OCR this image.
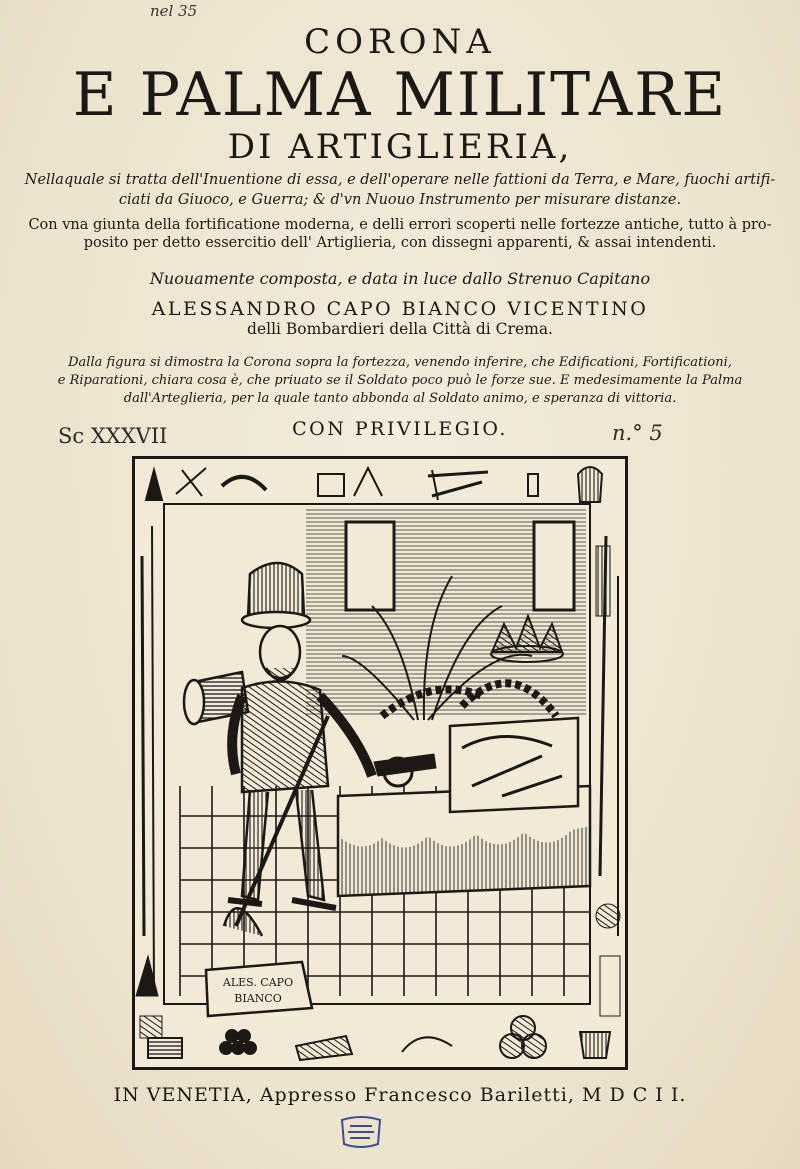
nel 35
CORONA
E PALMA MILITARE
DI ARTIGLIERIA,
Nellaquale si tratta dell'Inuentione di essa, e dell'operare nelle fattioni da Terra, e Mare, fuochi artifi-
ciati da Giuoco, e Guerra; & d'vn Nuouo Instrumento per misurare distanze.
Con vna giunta della fortificatione moderna, e delli errori scoperti nelle fortezze antiche, tutto à pro-
posito per detto essercitio dell' Artiglieria, con dissegni apparenti, & assai intendenti.
Nuouamente composta, e data in luce dallo Strenuo Capitano
ALESSANDRO CAPO BIANCO VICENTINO
delli Bombardieri della Città di Crema.
Dalla figura si dimostra la Corona sopra la fortezza, venendo inferire, che Edificationi, Fortificationi,
e Riparationi, chiara cosa è, che priuato se il Soldato poco può le forze sue. E medesimamente la Palma
dall'Arteglieria, per la quale tanto abbonda al Soldato animo, e speranza di vittoria.
Sc XXXVII	CON PRIVILEGIO.	n.° 5
ALES. CAPO
BIANCO
IN VENETIA, Appresso Francesco Bariletti, M D C I I.
